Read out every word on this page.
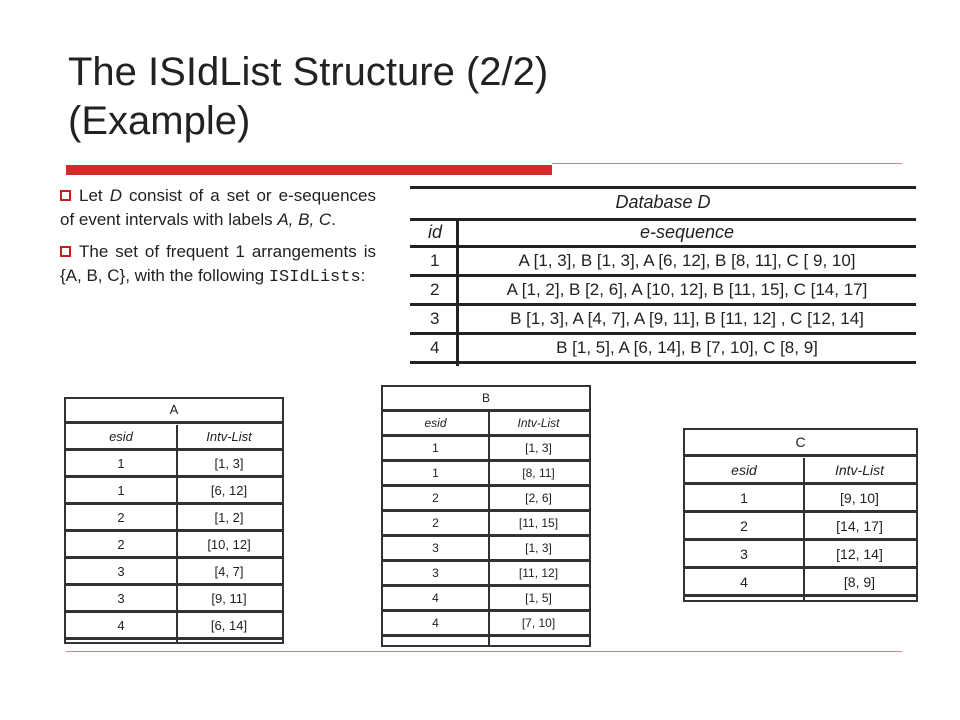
The ISIdList Structure (2/2)
(Example)
Let D consist of a set or e-sequences of event intervals with labels A, B, C.
The set of frequent 1 arrangements is {A, B, C}, with the following ISIdLists:
Database D
id	e-sequence
1	A [1, 3], B [1, 3], A [6, 12], B [8, 11], C [ 9, 10]
2	A [1, 2], B [2, 6], A [10, 12], B [11, 15], C [14, 17]
3	B [1, 3], A [4, 7], A [9, 11], B [11, 12] , C [12, 14]
4	B [1, 5], A [6, 14], B [7, 10], C [8, 9]
A
esid	Intv-List
1	[1, 3]
1	[6, 12]
2	[1, 2]
2	[10, 12]
3	[4, 7]
3	[9, 11]
4	[6, 14]
B
esid	Intv-List
1	[1, 3]
1	[8, 11]
2	[2, 6]
2	[11, 15]
3	[1, 3]
3	[11, 12]
4	[1, 5]
4	[7, 10]
C
esid	Intv-List
1	[9, 10]
2	[14, 17]
3	[12, 14]
4	[8, 9]
